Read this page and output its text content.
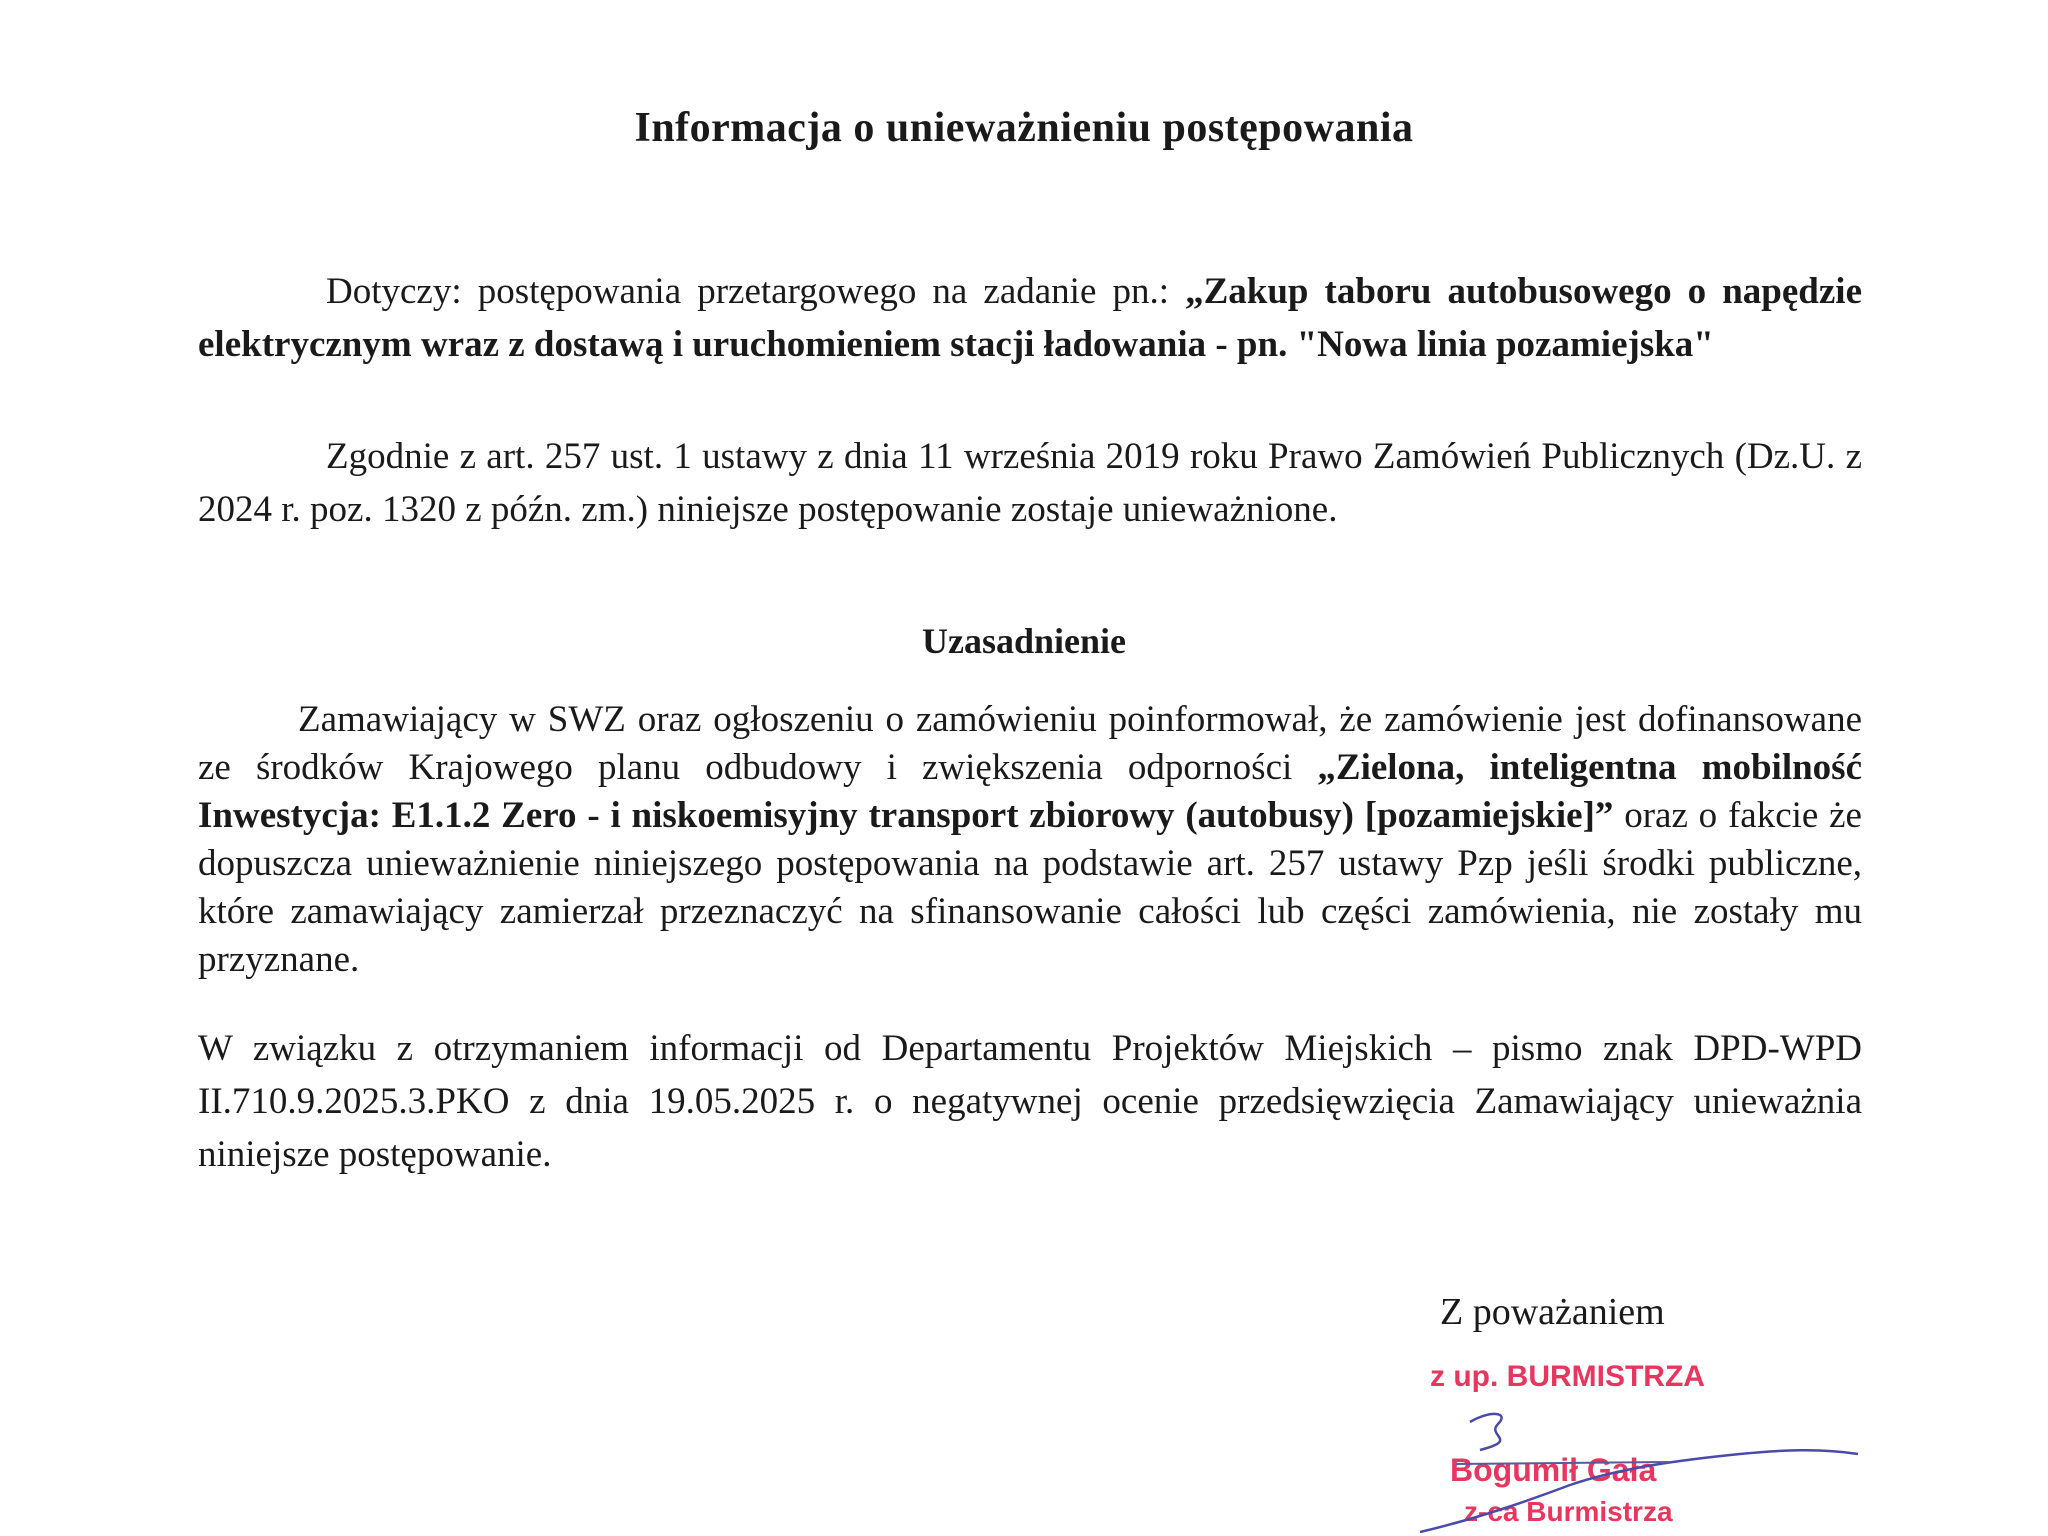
Informacja o unieważnieniu postępowania

Dotyczy: postępowania przetargowego na zadanie pn.: „Zakup taboru autobusowego o napędzie elektrycznym wraz z dostawą i uruchomieniem stacji ładowania - pn. "Nowa linia pozamiejska"

Zgodnie z art. 257 ust. 1 ustawy z dnia 11 września 2019 roku Prawo Zamówień Publicznych (Dz.U. z 2024 r. poz. 1320 z późn. zm.) niniejsze postępowanie zostaje unieważnione.

Uzasadnienie

Zamawiający w SWZ oraz ogłoszeniu o zamówieniu poinformował, że zamówienie jest dofinansowane ze środków Krajowego planu odbudowy i zwiększenia odporności „Zielona, inteligentna mobilność Inwestycja: E1.1.2 Zero - i niskoemisyjny transport zbiorowy (autobusy) [pozamiejskie]” oraz o fakcie że dopuszcza unieważnienie niniejszego postępowania na podstawie art. 257 ustawy Pzp jeśli środki publiczne, które zamawiający zamierzał przeznaczyć na sfinansowanie całości lub części zamówienia, nie zostały mu przyznane.

W związku z otrzymaniem informacji od Departamentu Projektów Miejskich – pismo znak DPD-WPD II.710.9.2025.3.PKO z dnia 19.05.2025 r. o negatywnej ocenie przedsięwzięcia Zamawiający unieważnia niniejsze postępowanie.

Z poważaniem
z up. BURMISTRZA
Bogumił Gała
z-ca Burmistrza
